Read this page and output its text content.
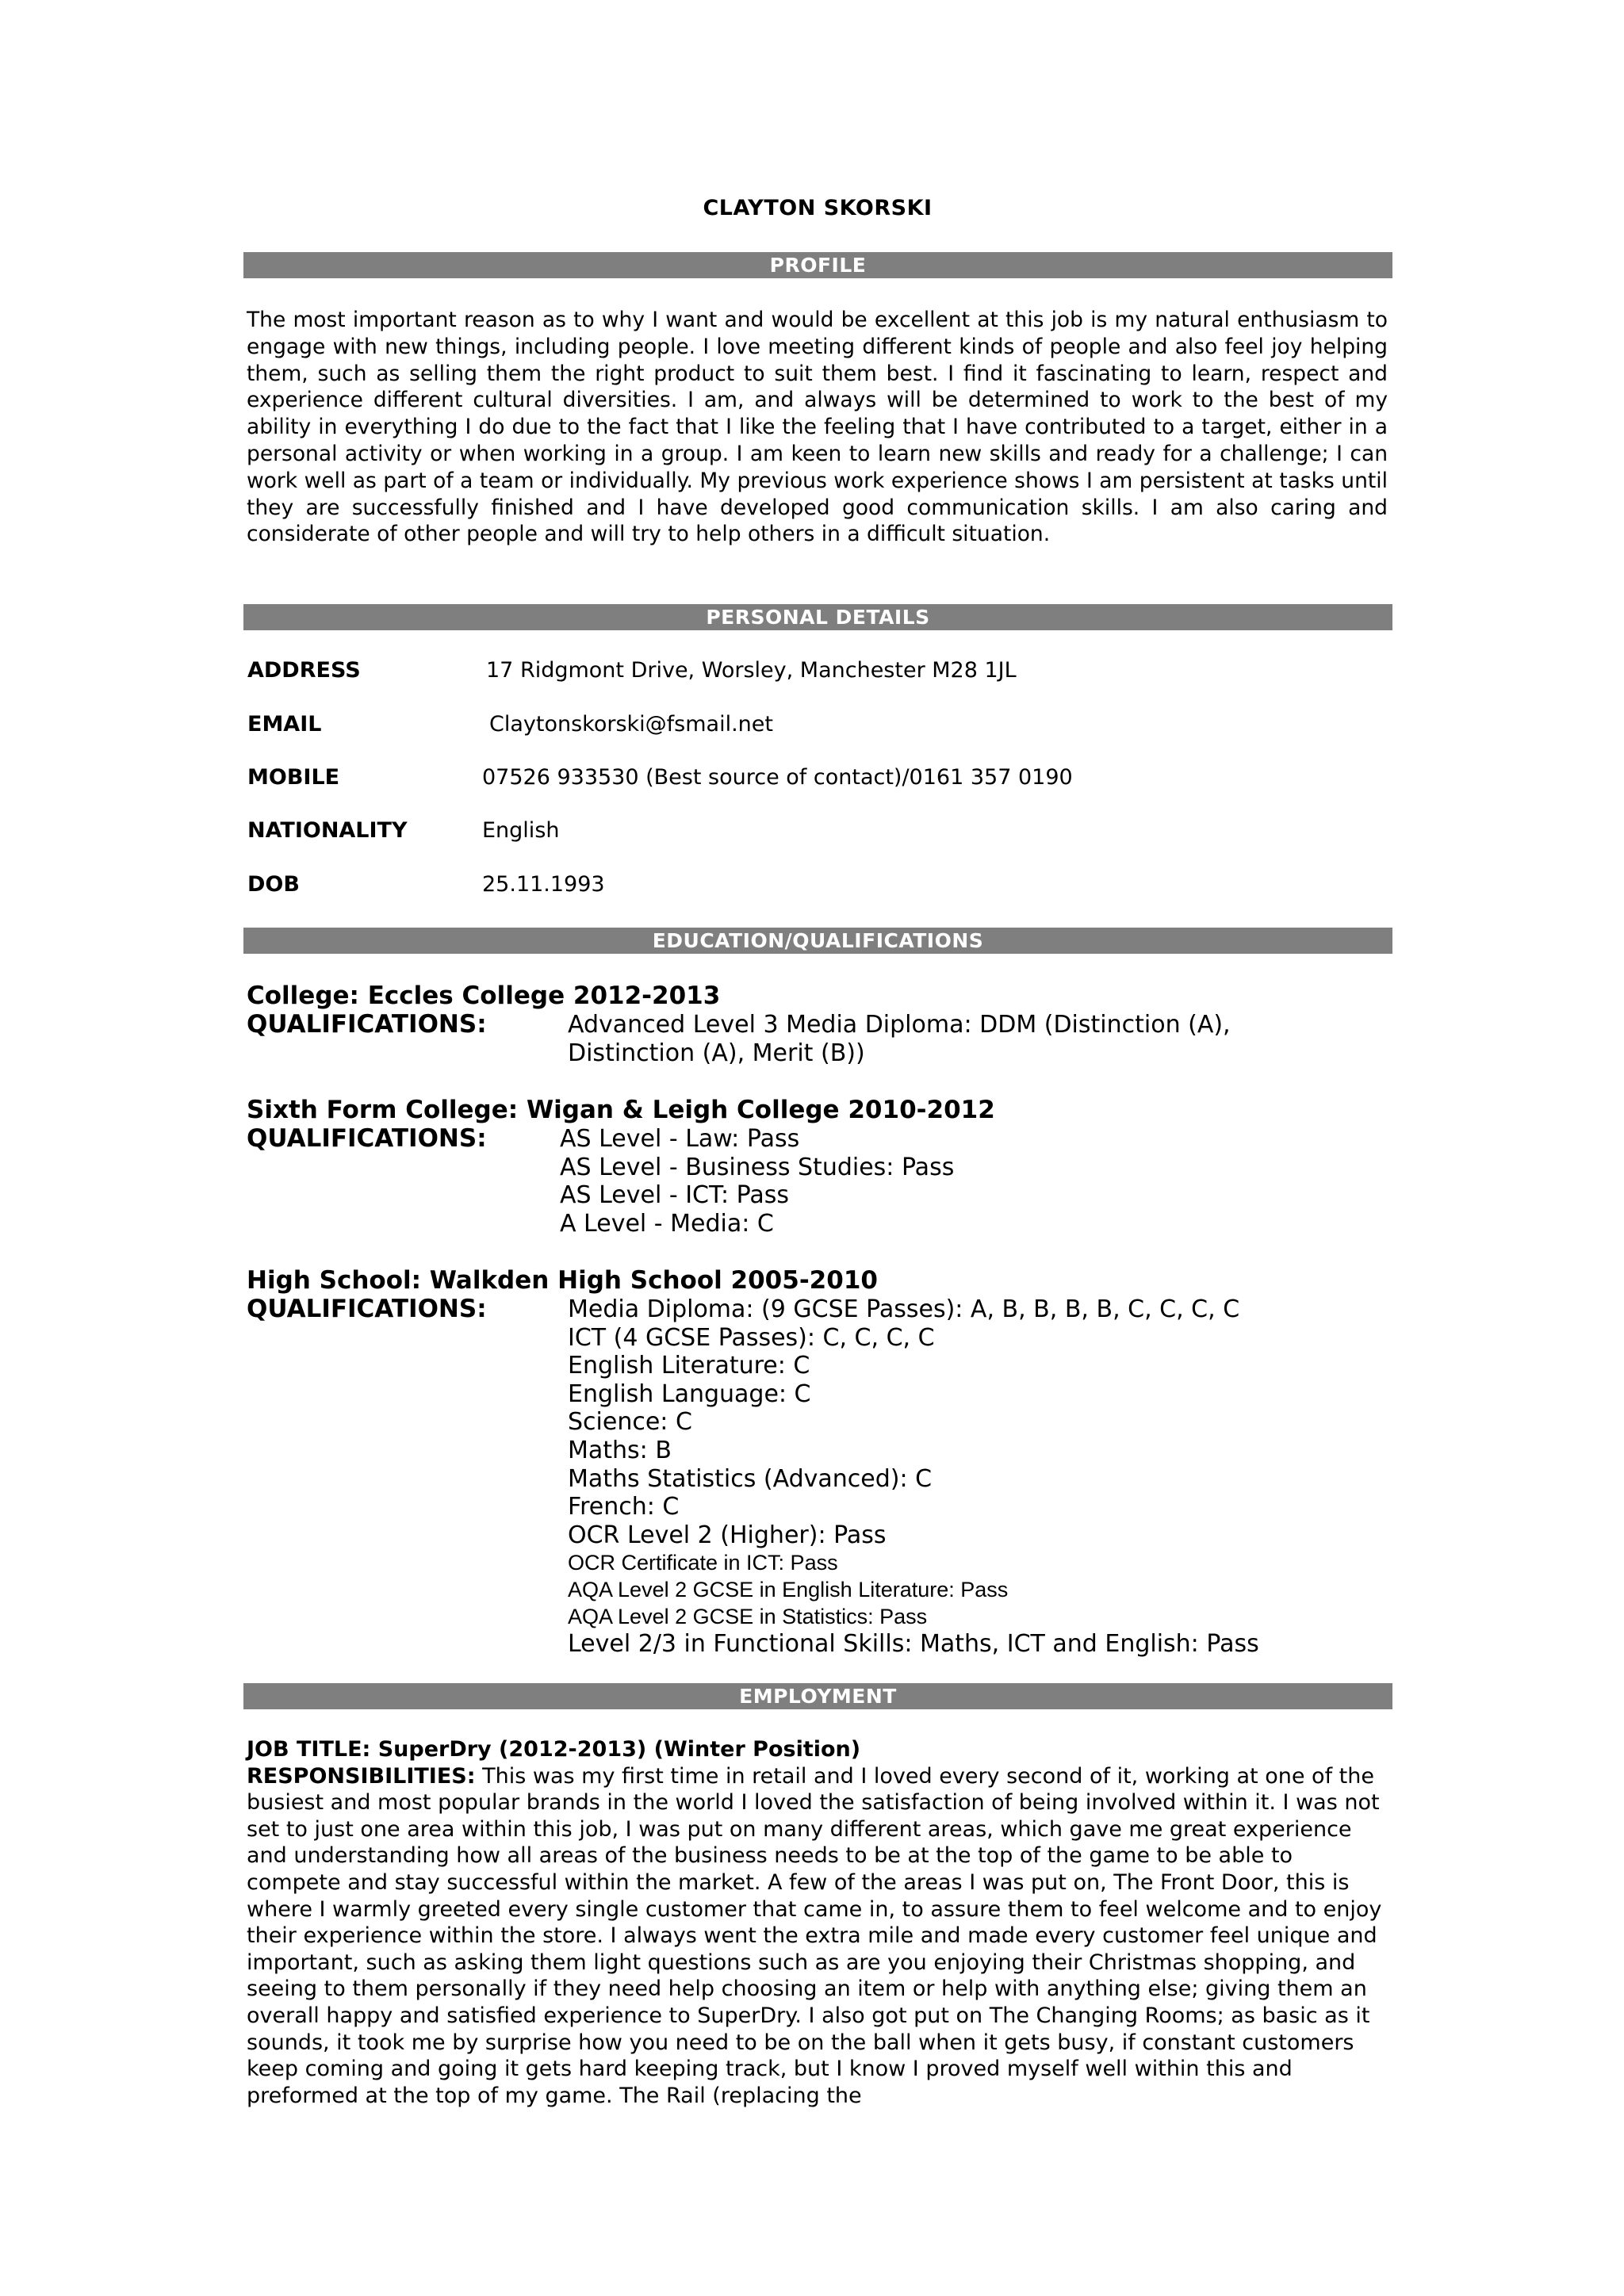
CLAYTON SKORSKI
PROFILE

The most important reason as to why I want and would be excellent at this job is my natural enthusiasm to engage with new things, including people. I love meeting different kinds of people and also feel joy helping them, such as selling them the right product to suit them best. I find it fascinating to learn, respect and experience different cultural diversities. I am, and always will be determined to work to the best of my ability in everything I do due to the fact that I like the feeling that I have contributed to a target, either in a personal activity or when working in a group. I am keen to learn new skills and ready for a challenge; I can work well as part of a team or individually. My previous work experience shows I am persistent at tasks until they are successfully finished and I have developed good communication skills. I am also caring and considerate of other people and will try to help others in a difficult situation.

PERSONAL DETAILS
ADDRESS	17 Ridgmont Drive, Worsley, Manchester M28 1JL
EMAIL	Claytonskorski@fsmail.net
MOBILE	07526 933530 (Best source of contact)/0161 357 0190
NATIONALITY	English
DOB	25.11.1993
EDUCATION/QUALIFICATIONS
College: Eccles College 2012-2013
QUALIFICATIONS:	Advanced Level 3 Media Diploma: DDM (Distinction (A),
Distinction (A), Merit (B))
Sixth Form College: Wigan & Leigh College 2010-2012
QUALIFICATIONS:	AS Level - Law: Pass
AS Level - Business Studies: Pass
AS Level - ICT: Pass
A Level - Media: C
High School: Walkden High School 2005-2010
QUALIFICATIONS:	Media Diploma: (9 GCSE Passes): A, B, B, B, B, C, C, C, C
ICT (4 GCSE Passes): C, C, C, C
English Literature: C
English Language: C
Science: C
Maths: B
Maths Statistics (Advanced): C
French: C
OCR Level 2 (Higher): Pass
OCR Certificate in ICT: Pass
AQA Level 2 GCSE in English Literature: Pass
AQA Level 2 GCSE in Statistics: Pass
Level 2/3 in Functional Skills: Maths, ICT and English: Pass
EMPLOYMENT
JOB TITLE: SuperDry (2012-2013) (Winter Position)
RESPONSIBILITIES: This was my first time in retail and I loved every second of it, working at one of the busiest and most popular brands in the world I loved the satisfaction of being involved within it. I was not set to just one area within this job, I was put on many different areas, which gave me great experience and understanding how all areas of the business needs to be at the top of the game to be able to compete and stay successful within the market. A few of the areas I was put on, The Front Door, this is where I warmly greeted every single customer that came in, to assure them to feel welcome and to enjoy their experience within the store. I always went the extra mile and made every customer feel unique and important, such as asking them light questions such as are you enjoying their Christmas shopping, and seeing to them personally if they need help choosing an item or help with anything else; giving them an overall happy and satisfied experience to SuperDry. I also got put on The Changing Rooms; as basic as it sounds, it took me by surprise how you need to be on the ball when it gets busy, if constant customers keep coming and going it gets hard keeping track, but I know I proved myself well within this and preformed at the top of my game. The Rail (replacing the
